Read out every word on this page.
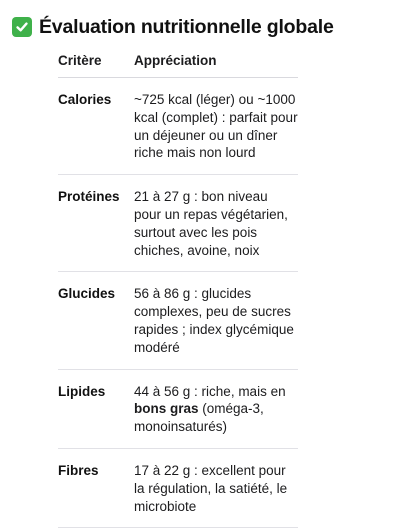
Évaluation nutritionnelle globale
Critère	Appréciation
Calories	~725 kcal (léger) ou ~1000 kcal (complet) : parfait pour un déjeuner ou un dîner riche mais non lourd
Protéines	21 à 27 g : bon niveau pour un repas végétarien, surtout avec les pois chiches, avoine, noix
Glucides	56 à 86 g : glucides complexes, peu de sucres rapides ; index glycémique modéré
Lipides	44 à 56 g : riche, mais en bons gras (oméga-3, monoinsaturés)
Fibres	17 à 22 g : excellent pour la régulation, la satiété, le microbiote
